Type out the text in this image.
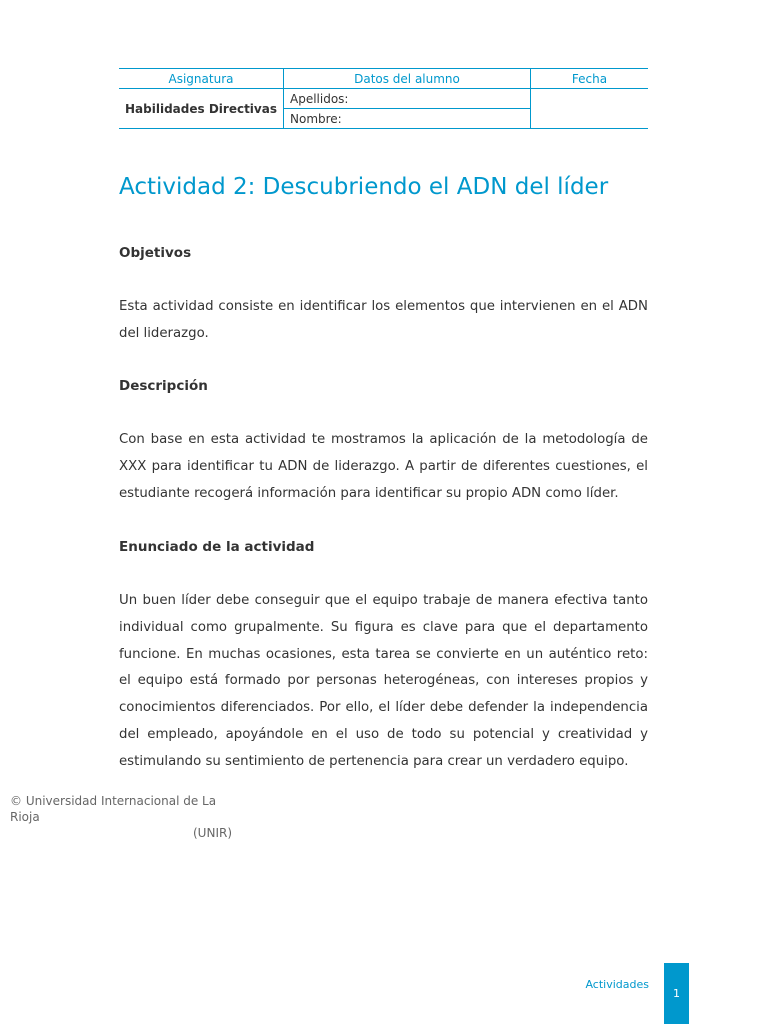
Asignatura	Datos del alumno	Fecha
Habilidades Directivas	Apellidos:	
	Nombre:	
Actividad 2: Descubriendo el ADN del líder
Objetivos

Esta actividad consiste en identificar los elementos que intervienen en el ADN del liderazgo.

Descripción

Con base en esta actividad te mostramos la aplicación de la metodología de XXX para identificar tu ADN de liderazgo. A partir de diferentes cuestiones, el estudiante recogerá información para identificar su propio ADN como líder.

Enunciado de la actividad

Un buen líder debe conseguir que el equipo trabaje de manera efectiva tanto individual como grupalmente. Su figura es clave para que el departamento funcione. En muchas ocasiones, esta tarea se convierte en un auténtico reto: el equipo está formado por personas heterogéneas, con intereses propios y conocimientos diferenciados. Por ello, el líder debe defender la independencia del empleado, apoyándole en el uso de todo su potencial y creatividad y estimulando su sentimiento de pertenencia para crear un verdadero equipo.

© Universidad Internacional de La Rioja
(UNIR)
Actividades
1
